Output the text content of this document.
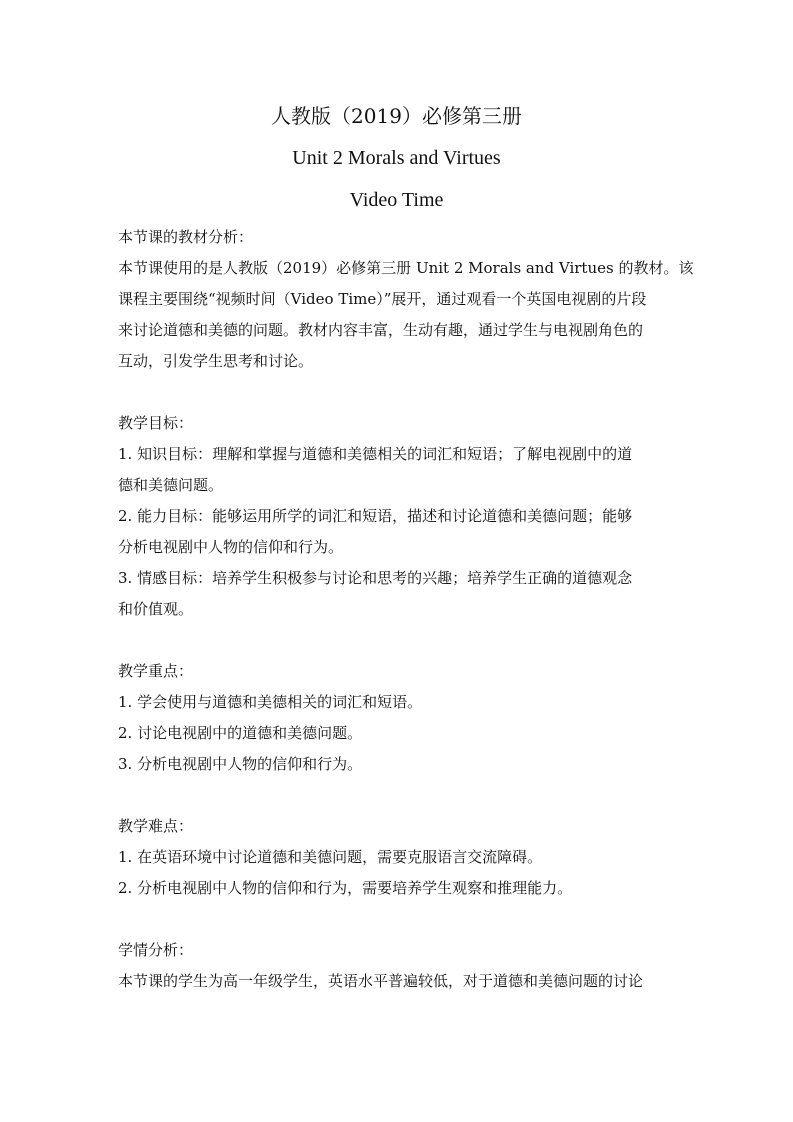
人教版（2019）必修第三册
Unit 2 Morals and Virtues
Video Time
本节课的教材分析：
本节课使用的是人教版（2019）必修第三册 Unit 2 Morals and Virtues 的教材。该
课程主要围绕“视频时间（Video Time）”展开，通过观看一个英国电视剧的片段
来讨论道德和美德的问题。教材内容丰富，生动有趣，通过学生与电视剧角色的
互动，引发学生思考和讨论。
教学目标：
1. 知识目标：理解和掌握与道德和美德相关的词汇和短语；了解电视剧中的道
德和美德问题。
2. 能力目标：能够运用所学的词汇和短语，描述和讨论道德和美德问题；能够
分析电视剧中人物的信仰和行为。
3. 情感目标：培养学生积极参与讨论和思考的兴趣；培养学生正确的道德观念
和价值观。
教学重点：
1. 学会使用与道德和美德相关的词汇和短语。
2. 讨论电视剧中的道德和美德问题。
3. 分析电视剧中人物的信仰和行为。
教学难点：
1. 在英语环境中讨论道德和美德问题，需要克服语言交流障碍。
2. 分析电视剧中人物的信仰和行为，需要培养学生观察和推理能力。
学情分析：
本节课的学生为高一年级学生，英语水平普遍较低，对于道德和美德问题的讨论
